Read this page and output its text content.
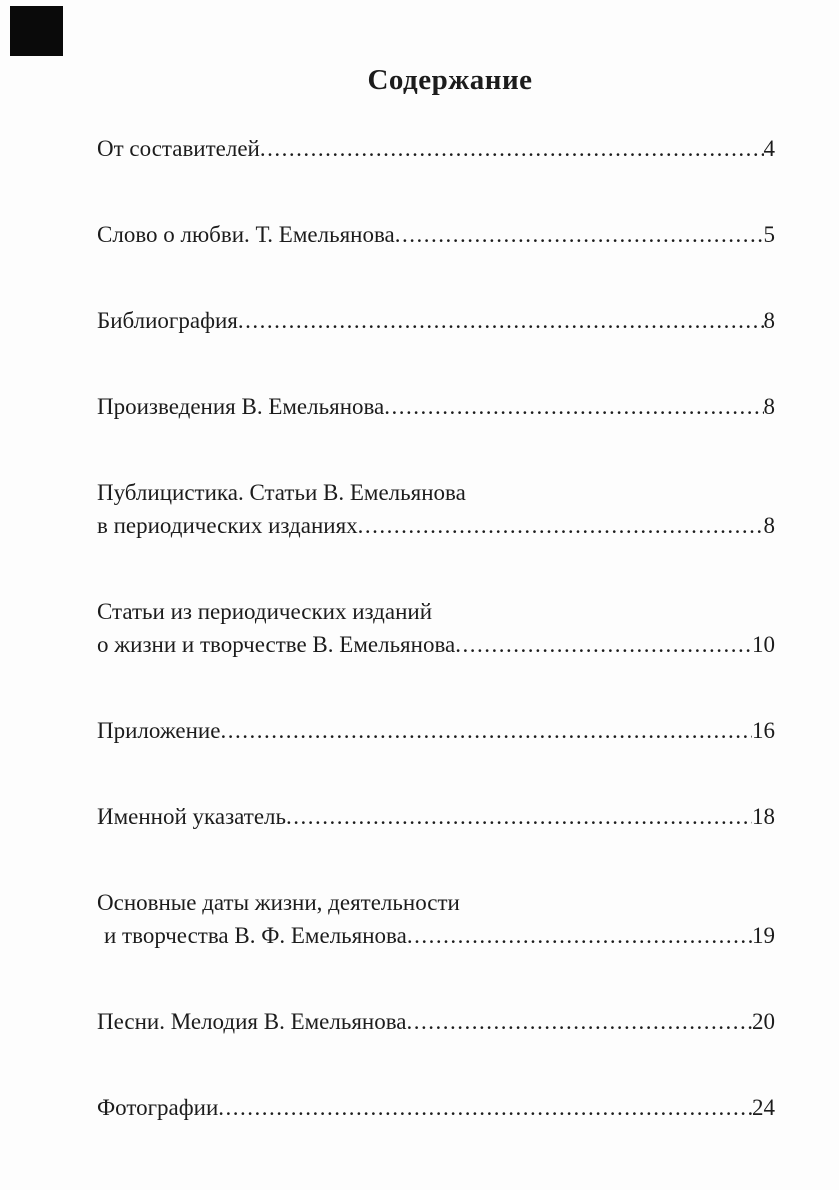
Содержание
От составителей .....	4
Слово о любви. Т. Емельянова .....	5
Библиография .....	8
Произведения В. Емельянова .....	8
Публицистика. Статьи В. Емельянова
в периодических изданиях .....	8
Статьи из периодических изданий
о жизни и творчестве В. Емельянова .....	10
Приложение .....	16
Именной указатель .....	18
Основные даты жизни, деятельности
и творчества В. Ф. Емельянова .....	19
Песни. Мелодия В. Емельянова .....	20
Фотографии .....	24
